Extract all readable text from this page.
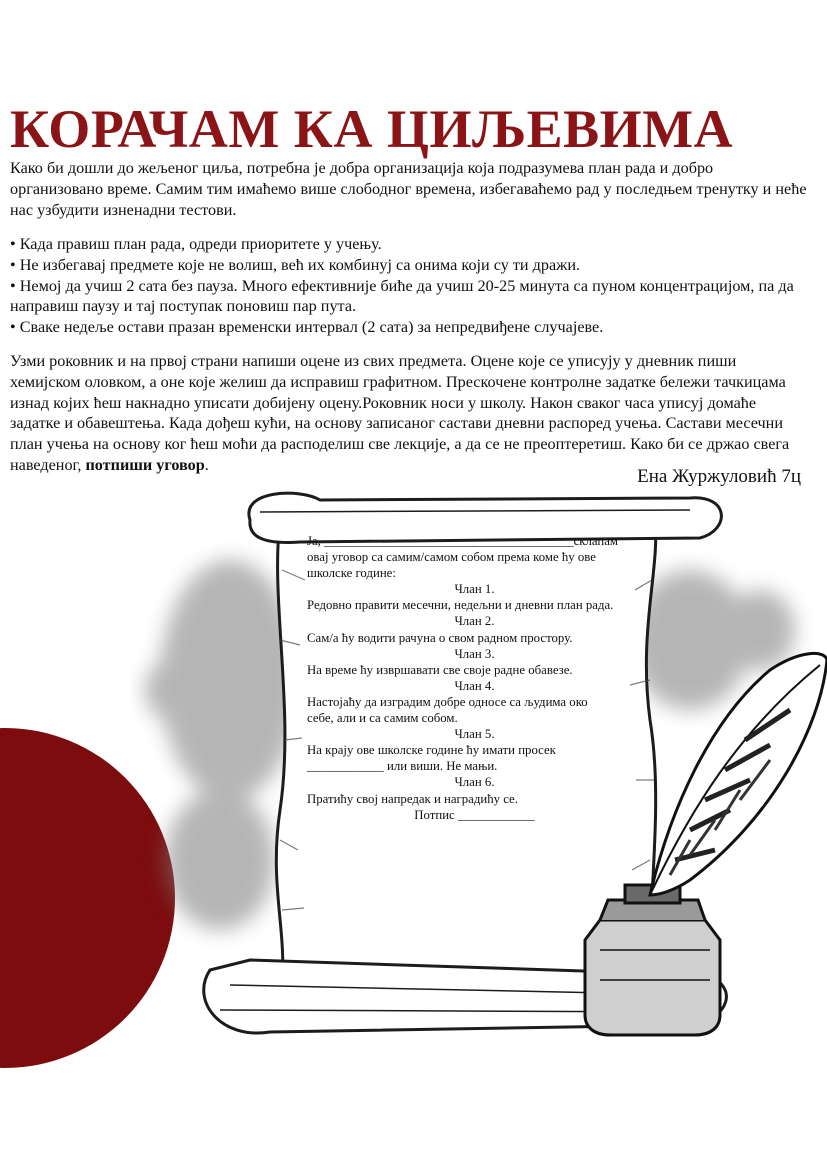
КОРАЧАМ КА ЦИЉЕВИМА

Како би дошли до жељеног циља, потребна је добра организација која подразумева план рада и добро организовано време. Самим тим имаћемо више слободног времена, избегаваћемо рад у последњем тренутку и неће нас узбудити изненадни тестови.

• Када правиш план рада, одреди приоритете у учењу.
• Не избегавај предмете које не волиш, већ их комбинуј са онима који су ти дражи.
• Немој да учиш 2 сата без пауза. Много ефективније биће да учиш 20-25 минута са пуном концентрацијом, па да направиш паузу и тај поступак поновиш пар пута.
• Сваке недеље остави празан временски интервал (2 сата) за непредвиђене случајеве.

Узми роковник и на првој страни напиши оцене из свих предмета. Оцене које се уписују у дневник пиши хемијском оловком, а оне које желиш да исправиш графитном. Прескочене контролне задатке бележи тачкицама изнад којих ћеш накнадно уписати добијену оцену.Роковник носи у школу. Након сваког часа уписуј домаће задатке и обавештења. Када дођеш кући, на основу записаног састави дневни распоред учења. Састави месечни план учења на основу ког ћеш моћи да расподелиш све лекције, а да се не преоптеретиш. Како би се држао свега наведеног, потпиши уговор.

Ена Журжуловић 7ц
Ја, _______________________________________склапам
овај уговор са самим/самом собом према коме ћу ове
школске године:
Члан 1.
Редовно правити месечни, недељни и дневни план рада.
Члан 2.
Сам/а ћу водити рачуна о свом радном простору.
Члан 3.
На време ћу извршавати све своје радне обавезе.
Члан 4.
Настојаћу да изградим добре односе са људима око себе, али и са самим собом.
Члан 5.
На крају ове школске године ћу имати просек ____________ или виши. Не мањи.
Члан 6.
Пратићу свој напредак и наградићу се.
Потпис ____________
